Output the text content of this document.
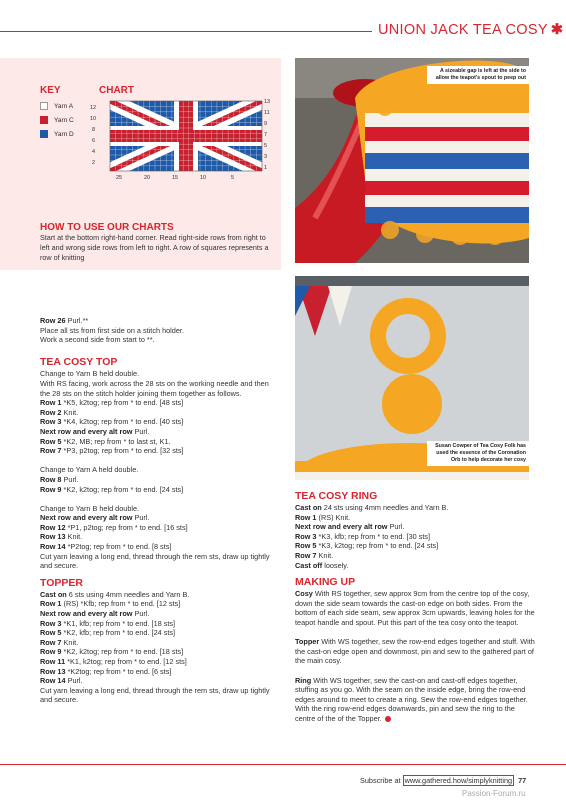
UNION JACK TEA COSY ✱
KEY	CHART
Yarn A
Yarn C
Yarn D
12
10
8
6
4
2
13
11
9
7
5
3
1
25	20	15	10	5
HOW TO USE OUR CHARTS
Start at the bottom right-hand corner. Read right-side rows from right to left and wrong side rows from left to right. A row of squares represents a row of knitting

Row 26 Purl.**

Place all sts from first side on a stitch holder.

Work a second side from start to **.

TEA COSY TOP

Change to Yarn B held double.

With RS facing, work across the 28 sts on the working needle and then the 28 sts on the stitch holder joining them together as follows.

Row 1 *K5, k2tog; rep from * to end. [48 sts]

Row 2 Knit.

Row 3 *K4, k2tog; rep from * to end. [40 sts]

Next row and every alt row Purl.

Row 5 *K2, MB; rep from * to last st, K1.

Row 7 *P3, p2tog; rep from * to end. [32 sts]

Change to Yarn A held double.

Row 8 Purl.

Row 9 *K2, k2tog; rep from * to end. [24 sts]

Change to Yarn B held double.

Next row and every alt row Purl.

Row 12 *P1, p2tog; rep from * to end. [16 sts]

Row 13 Knit.

Row 14 *P2tog; rep from * to end. [8 sts]

Cut yarn leaving a long end, thread through the rem sts, draw up tightly and secure.

TOPPER

Cast on 6 sts using 4mm needles and Yarn B.

Row 1 (RS) *Kfb; rep from * to end. [12 sts]

Next row and every alt row Purl.

Row 3 *K1, kfb; rep from * to end. [18 sts]

Row 5 *K2, kfb; rep from * to end. [24 sts]

Row 7 Knit.

Row 9 *K2, k2tog; rep from * to end. [18 sts]

Row 11 *K1, k2tog; rep from * to end. [12 sts]

Row 13 *K2tog; rep from * to end. [6 sts]

Row 14 Purl.

Cut yarn leaving a long end, thread through the rem sts, draw up tightly and secure.

A sizeable gap is left at the side to allow the teapot's spout to peep out
Susan Cowper of Tea Cosy Folk has used the essence of the Coronation Orb to help decorate her cosy
TEA COSY RING

Cast on 24 sts using 4mm needles and Yarn B.

Row 1 (RS) Knit.

Next row and every alt row Purl.

Row 3 *K3, kfb; rep from * to end. [30 sts]

Row 5 *K3, k2tog; rep from * to end. [24 sts]

Row 7 Knit.

Cast off loosely.

MAKING UP

Cosy With RS together, sew approx 9cm from the centre top of the cosy, down the side seam towards the cast-on edge on both sides. From the bottom of each side seam, sew approx 3cm upwards, leaving holes for the teapot handle and spout. Put this part of the tea cosy onto the teapot.

Topper With WS together, sew the row-end edges together and stuff. With the cast-on edge open and downmost, pin and sew to the gathered part of the main cosy.

Ring With WS together, sew the cast-on and cast-off edges together, stuffing as you go. With the seam on the inside edge, bring the row-end edges around to meet to create a ring. Sew the row-end edges together. With the ring row-end edges downwards, pin and sew the ring to the centre of the of the Topper.

Subscribe at www.gathered.how/simplyknitting 77
Passion-Forum.ru
